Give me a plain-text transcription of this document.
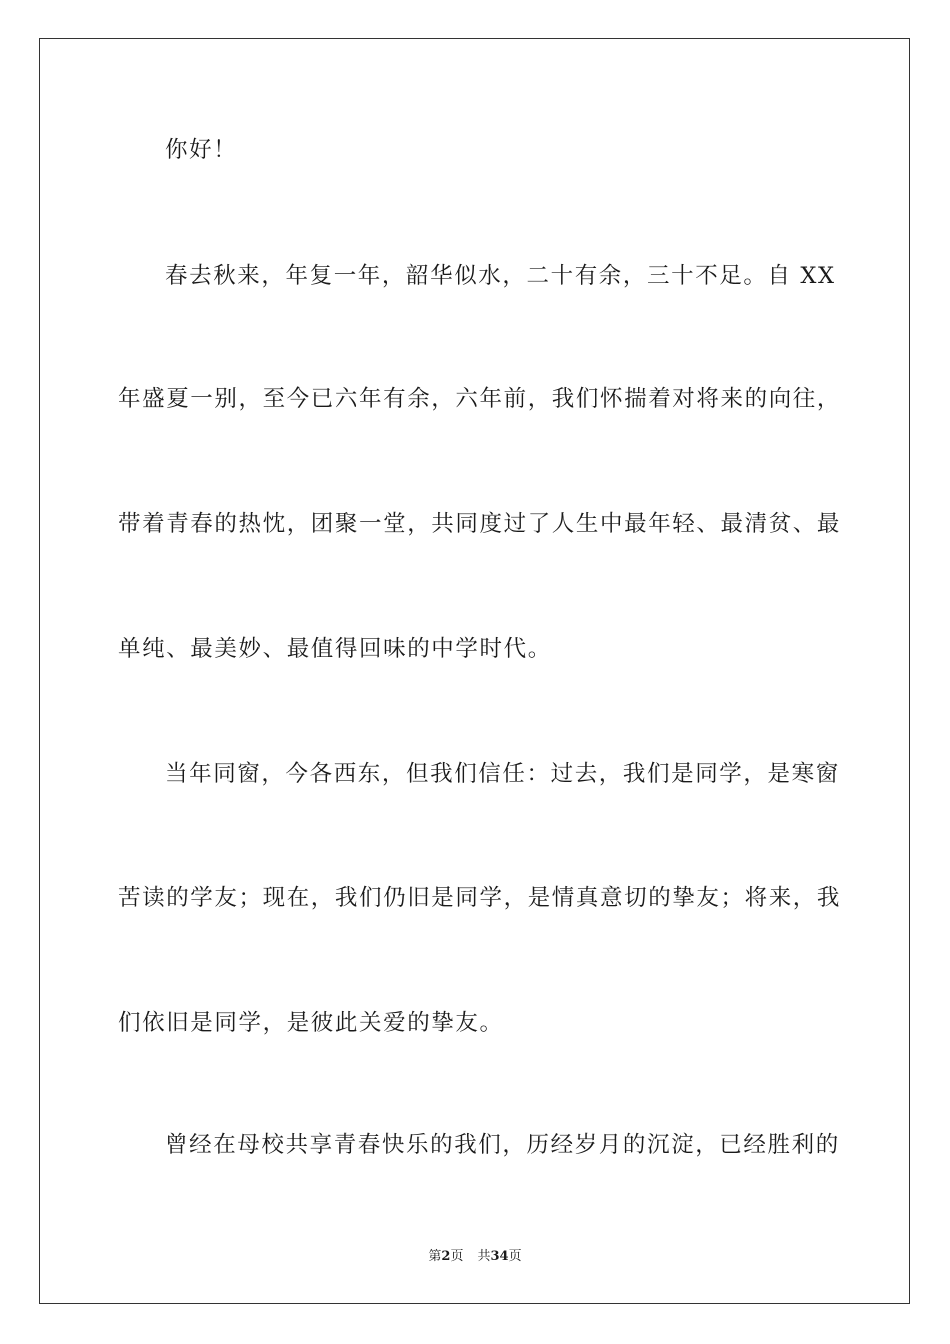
你好！
春去秋来，年复一年，韶华似水，二十有余，三十不足。自 XX
年盛夏一别，至今已六年有余，六年前，我们怀揣着对将来的向往，
带着青春的热忱，团聚一堂，共同度过了人生中最年轻、最清贫、最
单纯、最美妙、最值得回味的中学时代。
当年同窗，今各西东，但我们信任：过去，我们是同学，是寒窗
苦读的学友；现在，我们仍旧是同学，是情真意切的挚友；将来，我
们依旧是同学，是彼此关爱的挚友。
曾经在母校共享青春快乐的我们，历经岁月的沉淀，已经胜利的
第2页 共34页
